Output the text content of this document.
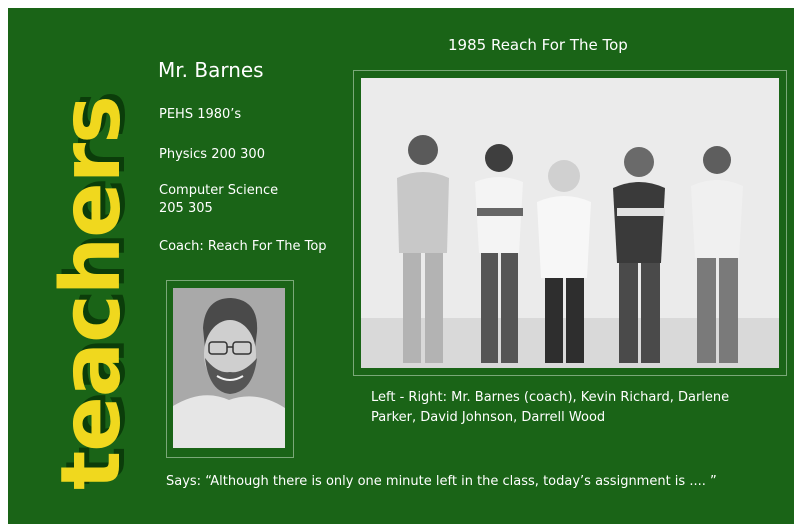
teachers
Mr. Barnes
PEHS 1980’s
Physics 200 300
Computer Science
205 305
Coach: Reach For The Top
1985 Reach For The Top
Left - Right: Mr. Barnes (coach), Kevin Richard, Darlene
Parker, David Johnson, Darrell Wood
Says: “Although there is only one minute left in the class, today’s assignment is .... ”
